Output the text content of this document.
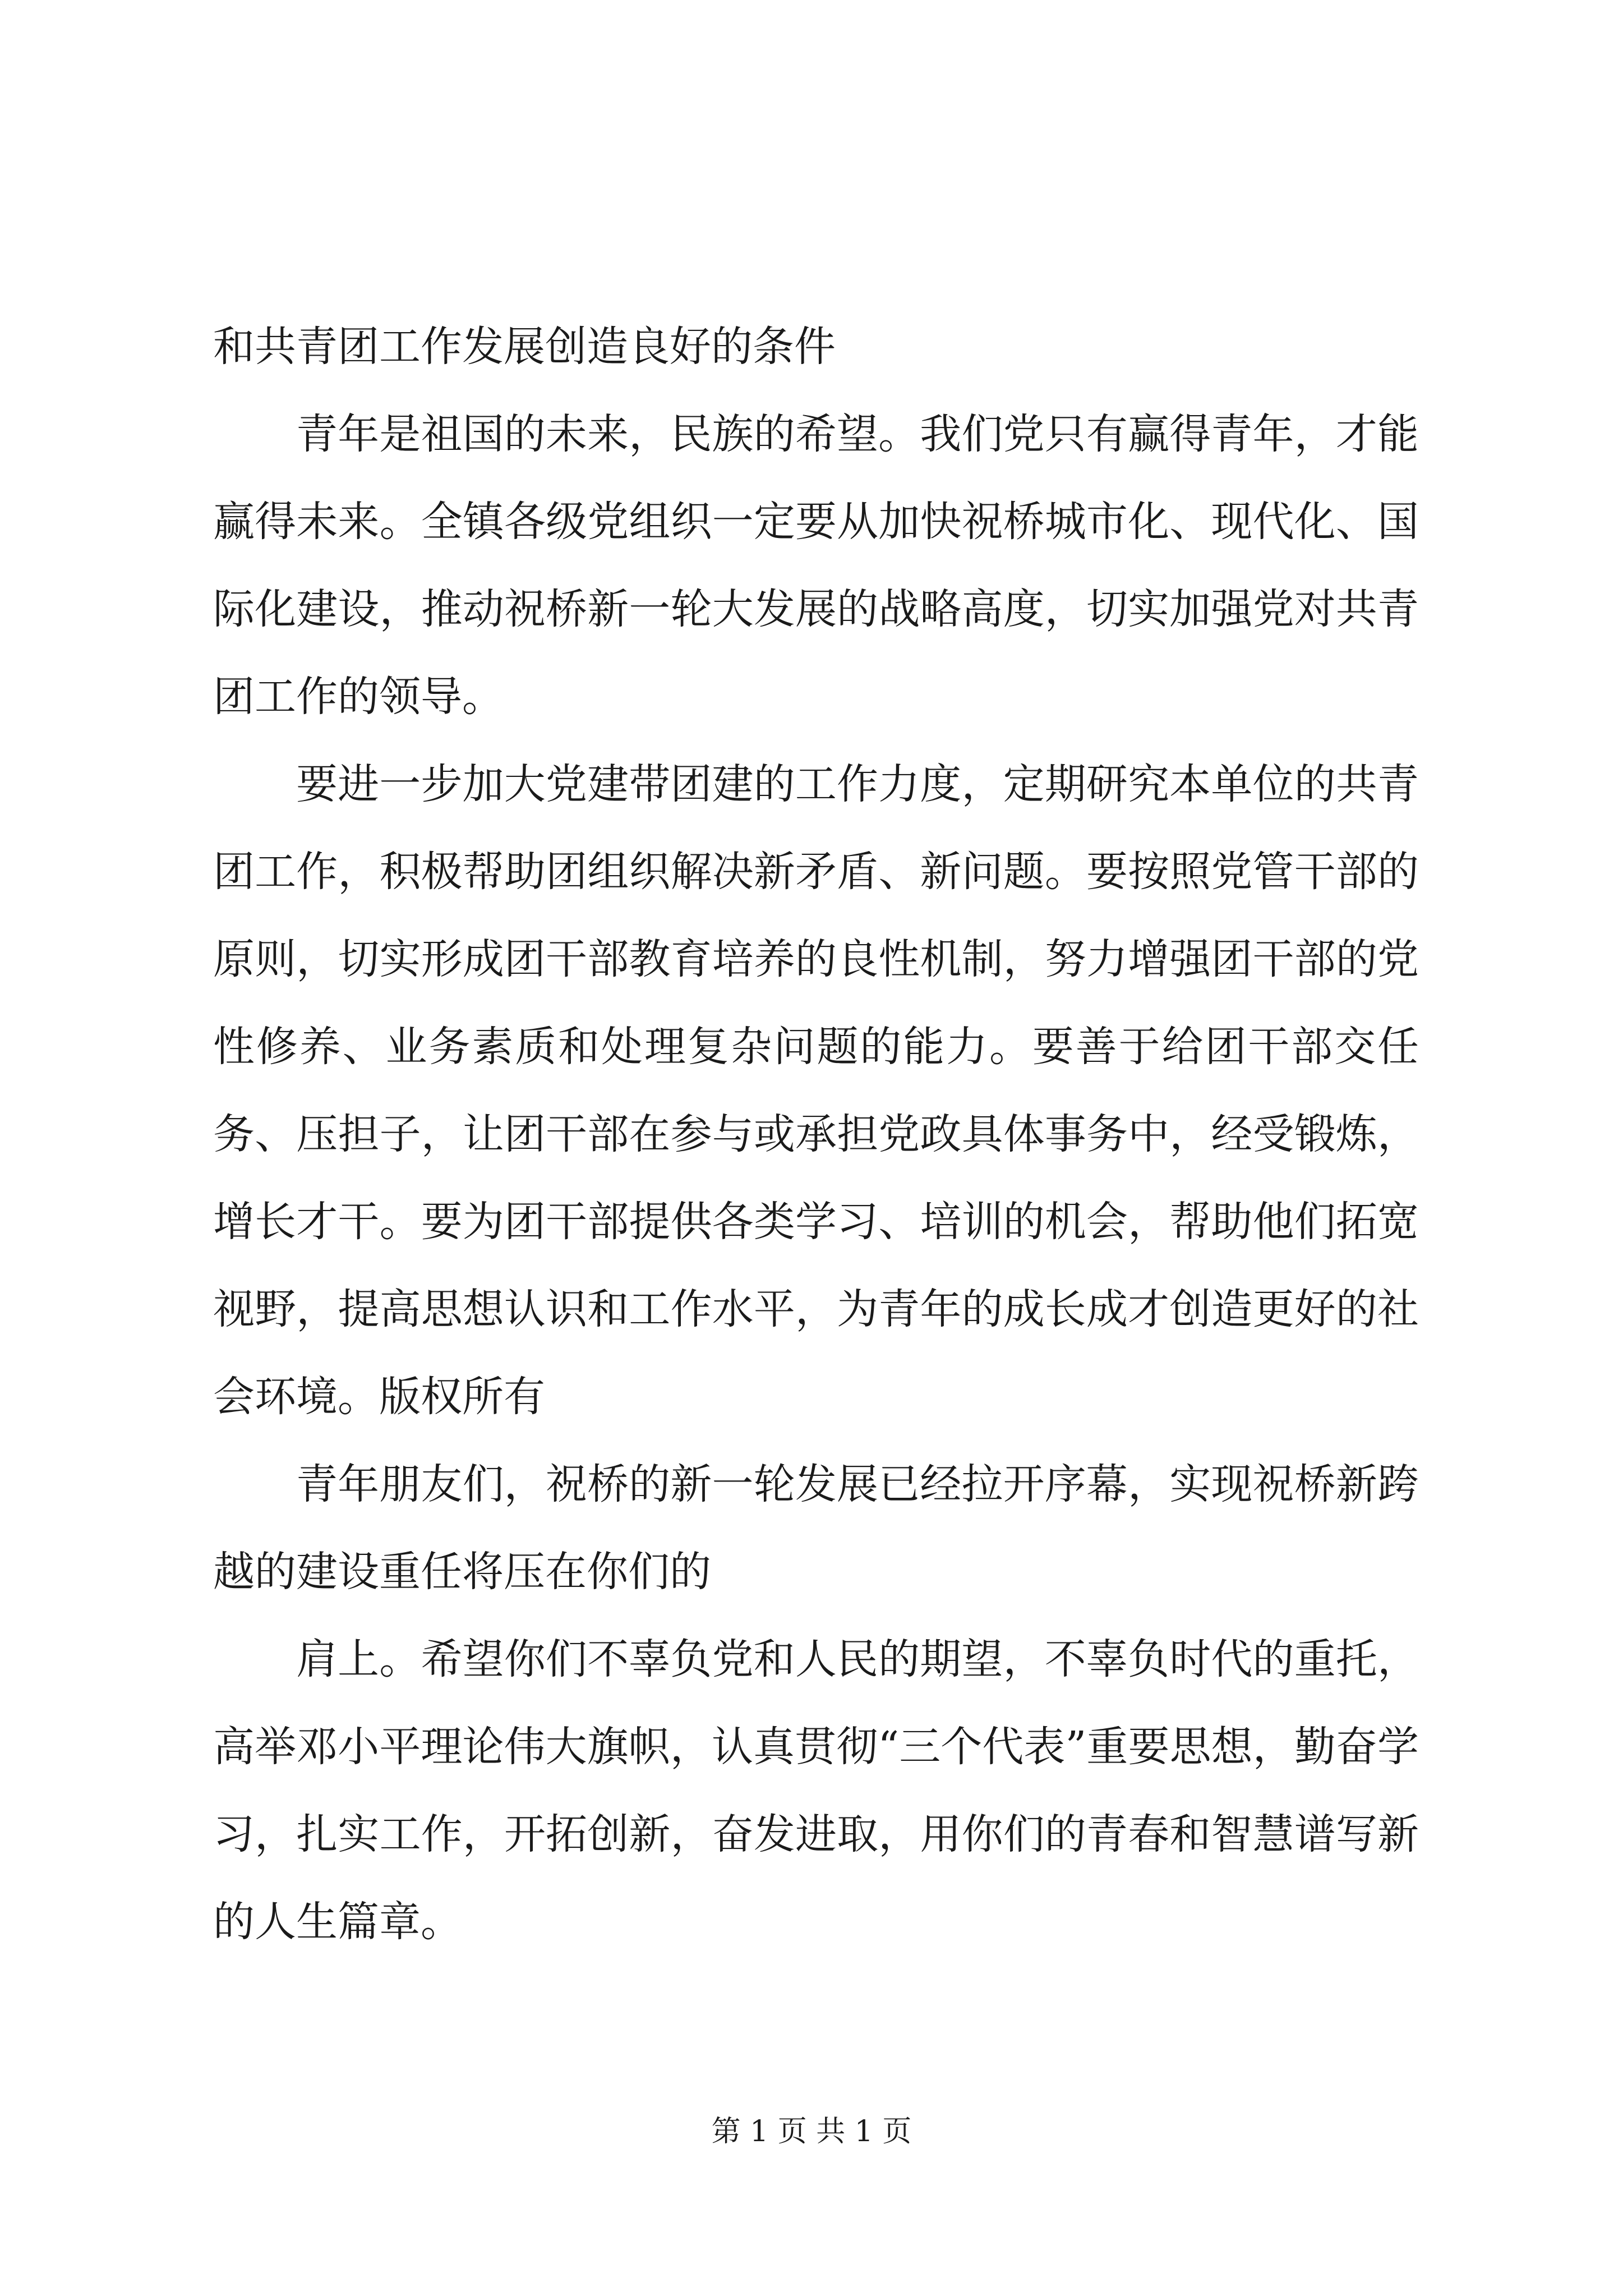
和共青团工作发展创造良好的条件

青年是祖国的未来，民族的希望。我们党只有赢得青年，才能赢得未来。全镇各级党组织一定要从加快祝桥城市化、现代化、国际化建设，推动祝桥新一轮大发展的战略高度，切实加强党对共青团工作的领导。

要进一步加大党建带团建的工作力度，定期研究本单位的共青团工作，积极帮助团组织解决新矛盾、新问题。要按照党管干部的原则，切实形成团干部教育培养的良性机制，努力增强团干部的党性修养、业务素质和处理复杂问题的能力。要善于给团干部交任务、压担子，让团干部在参与或承担党政具体事务中，经受锻炼，增长才干。要为团干部提供各类学习、培训的机会，帮助他们拓宽视野，提高思想认识和工作水平，为青年的成长成才创造更好的社会环境。版权所有

青年朋友们，祝桥的新一轮发展已经拉开序幕，实现祝桥新跨越的建设重任将压在你们的

肩上。希望你们不辜负党和人民的期望，不辜负时代的重托，高举邓小平理论伟大旗帜，认真贯彻“三个代表”重要思想，勤奋学习，扎实工作，开拓创新，奋发进取，用你们的青春和智慧谱写新的人生篇章。

第 1 页 共 1 页
